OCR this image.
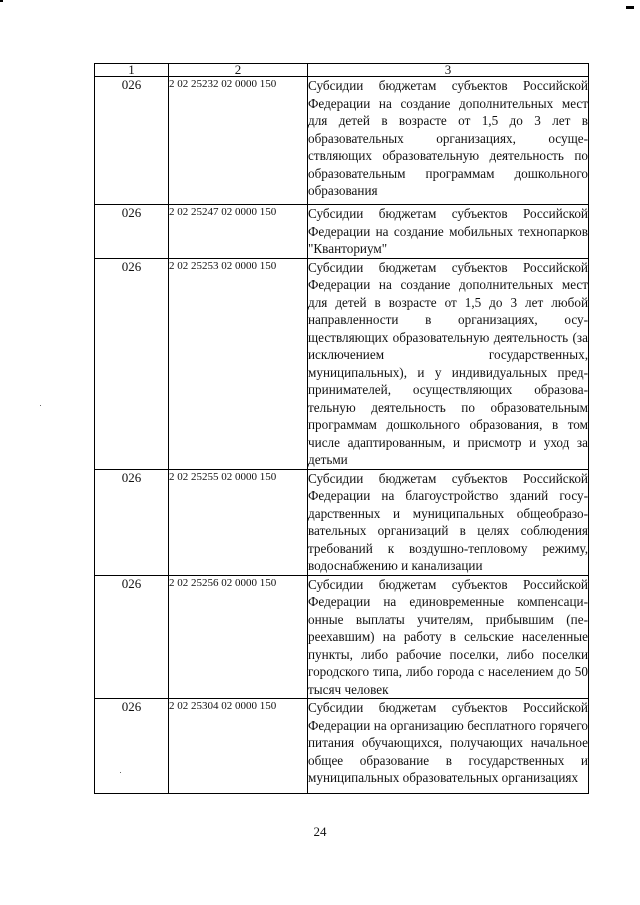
1	2	3
026	2 02 25232 02 0000 150	Субсидии бюджетам субъектов Российской Федерации на создание дополнительных мест для детей в возрасте от 1,5 до 3 лет в образовательных организациях, осуществляющих образовательную деятельность по образовательным программам дошкольного образования
026	2 02 25247 02 0000 150	Субсидии бюджетам субъектов Российской Федерации на создание мобильных технопарков "Кванториум"
026	2 02 25253 02 0000 150	Субсидии бюджетам субъектов Российской Федерации на создание дополнительных мест для детей в возрасте от 1,5 до 3 лет любой направленности в организациях, осуществляющих образовательную деятельность (за исключением государственных, муниципальных), и у индивидуальных предпринимателей, осуществляющих образовательную деятельность по образовательным программам дошкольного образования, в том числе адаптированным, и присмотр и уход за детьми
026	2 02 25255 02 0000 150	Субсидии бюджетам субъектов Российской Федерации на благоустройство зданий государственных и муниципальных общеобразовательных организаций в целях соблюдения требований к воздушно-тепловому режиму, водоснабжению и канализации
026	2 02 25256 02 0000 150	Субсидии бюджетам субъектов Российской Федерации на единовременные компенсационные выплаты учителям, прибывшим (переехавшим) на работу в сельские населенные пункты, либо рабочие поселки, либо поселки городского типа, либо города с населением до 50 тысяч человек
026	2 02 25304 02 0000 150	Субсидии бюджетам субъектов Российской Федерации на организацию бесплатного горячего питания обучающихся, получающих начальное общее образование в государственных и муниципальных образовательных организациях
24
